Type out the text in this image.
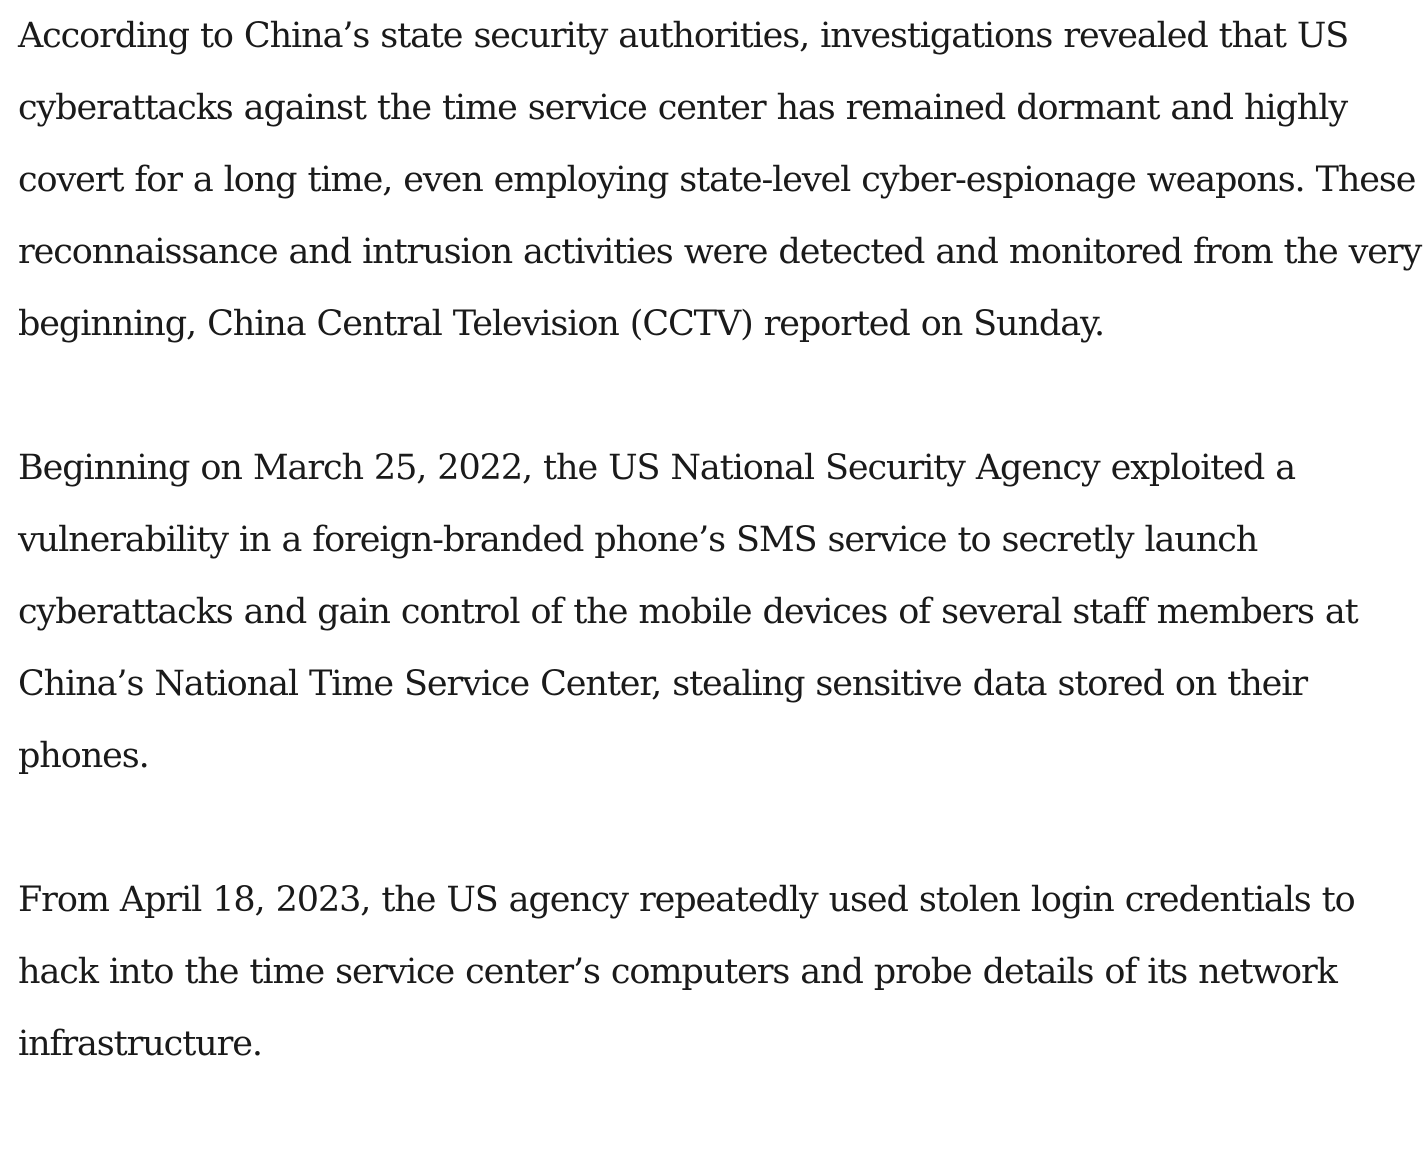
According to China’s state security authorities, investigations revealed that US cyberattacks against the time service center has remained dormant and highly covert for a long time, even employing state-level cyber-espionage weapons. These reconnaissance and intrusion activities were detected and monitored from the very beginning, China Central Television (CCTV) reported on Sunday.

Beginning on March 25, 2022, the US National Security Agency exploited a vulnerability in a foreign-branded phone’s SMS service to secretly launch cyberattacks and gain control of the mobile devices of several staff members at China’s National Time Service Center, stealing sensitive data stored on their phones.

From April 18, 2023, the US agency repeatedly used stolen login credentials to hack into the time service center’s computers and probe details of its network infrastructure.
